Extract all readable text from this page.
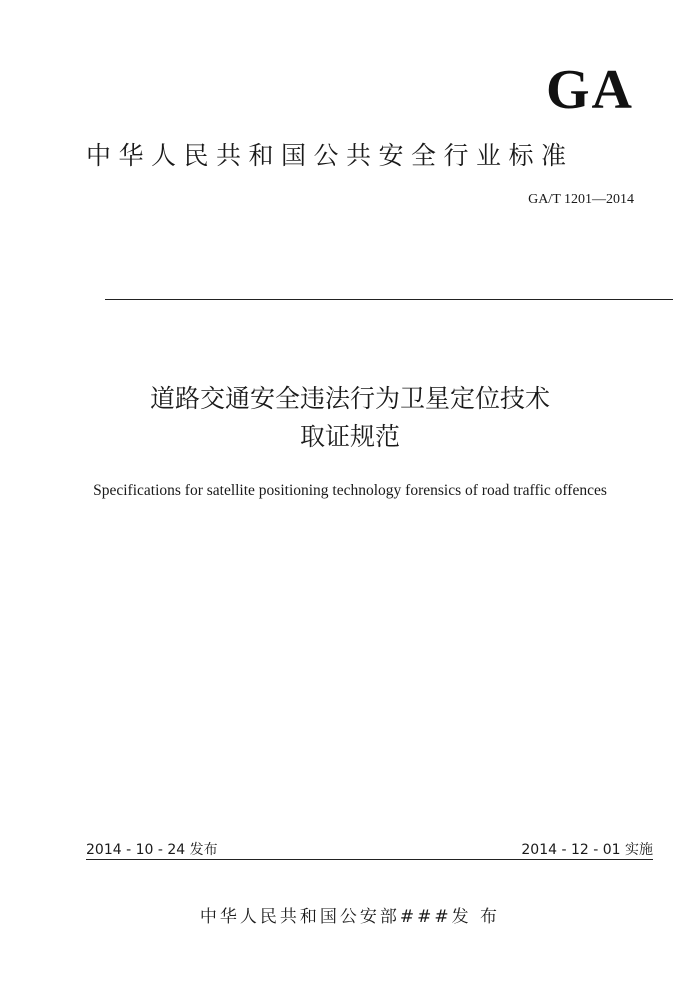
GA
中华人民共和国公共安全行业标准
GA/T 1201—2014
道路交通安全违法行为卫星定位技术
取证规范
Specifications for satellite positioning technology forensics of road traffic offences
2014 - 10 - 24 发布	2014 - 12 - 01 实施
中华人民共和国公安部###发 布
